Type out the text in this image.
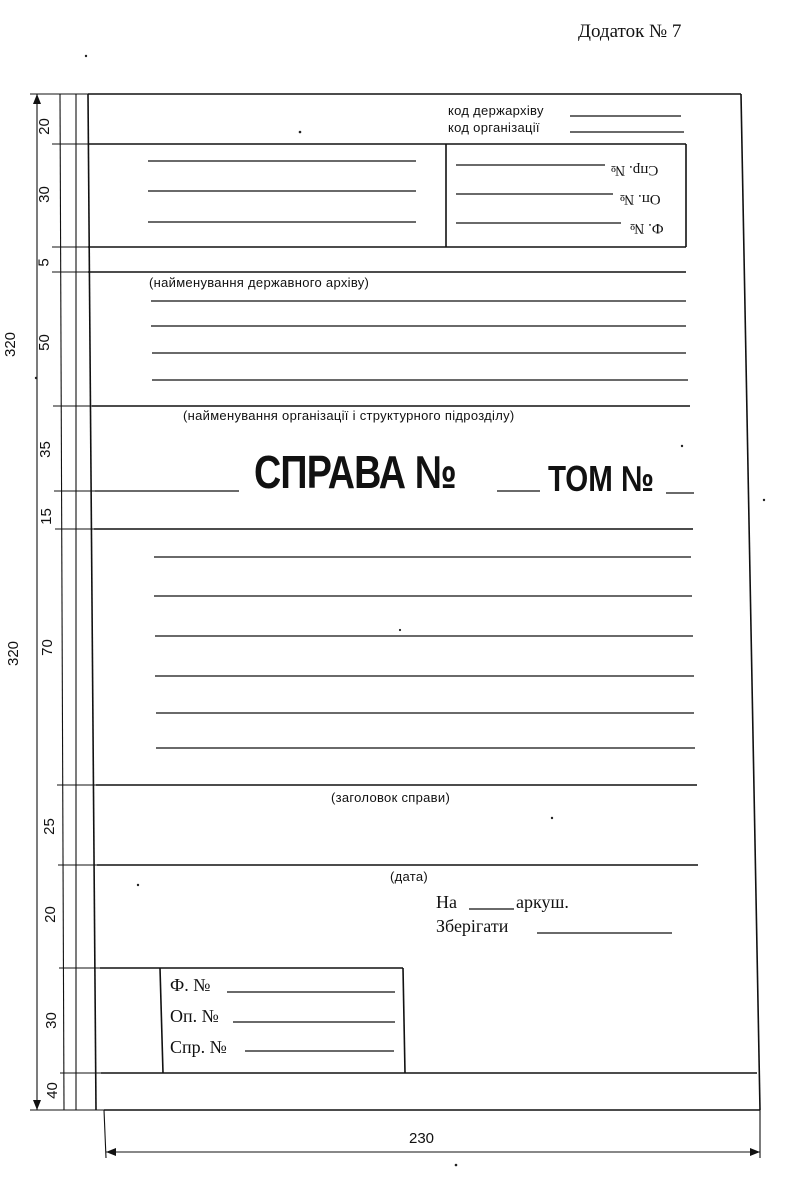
Додаток № 7
код держархіву
код організації
Спр. №
Оп. №
Ф. №
(найменування державного архіву)
(найменування організації і структурного підрозділу)
СПРАВА №	ТОМ №
(заголовок справи)
(дата)
На	аркуш.
Зберігати
Ф. №
Оп. №
Спр. №
320
320
230
20
30
5
50
35
15
70
25
20
30
40
